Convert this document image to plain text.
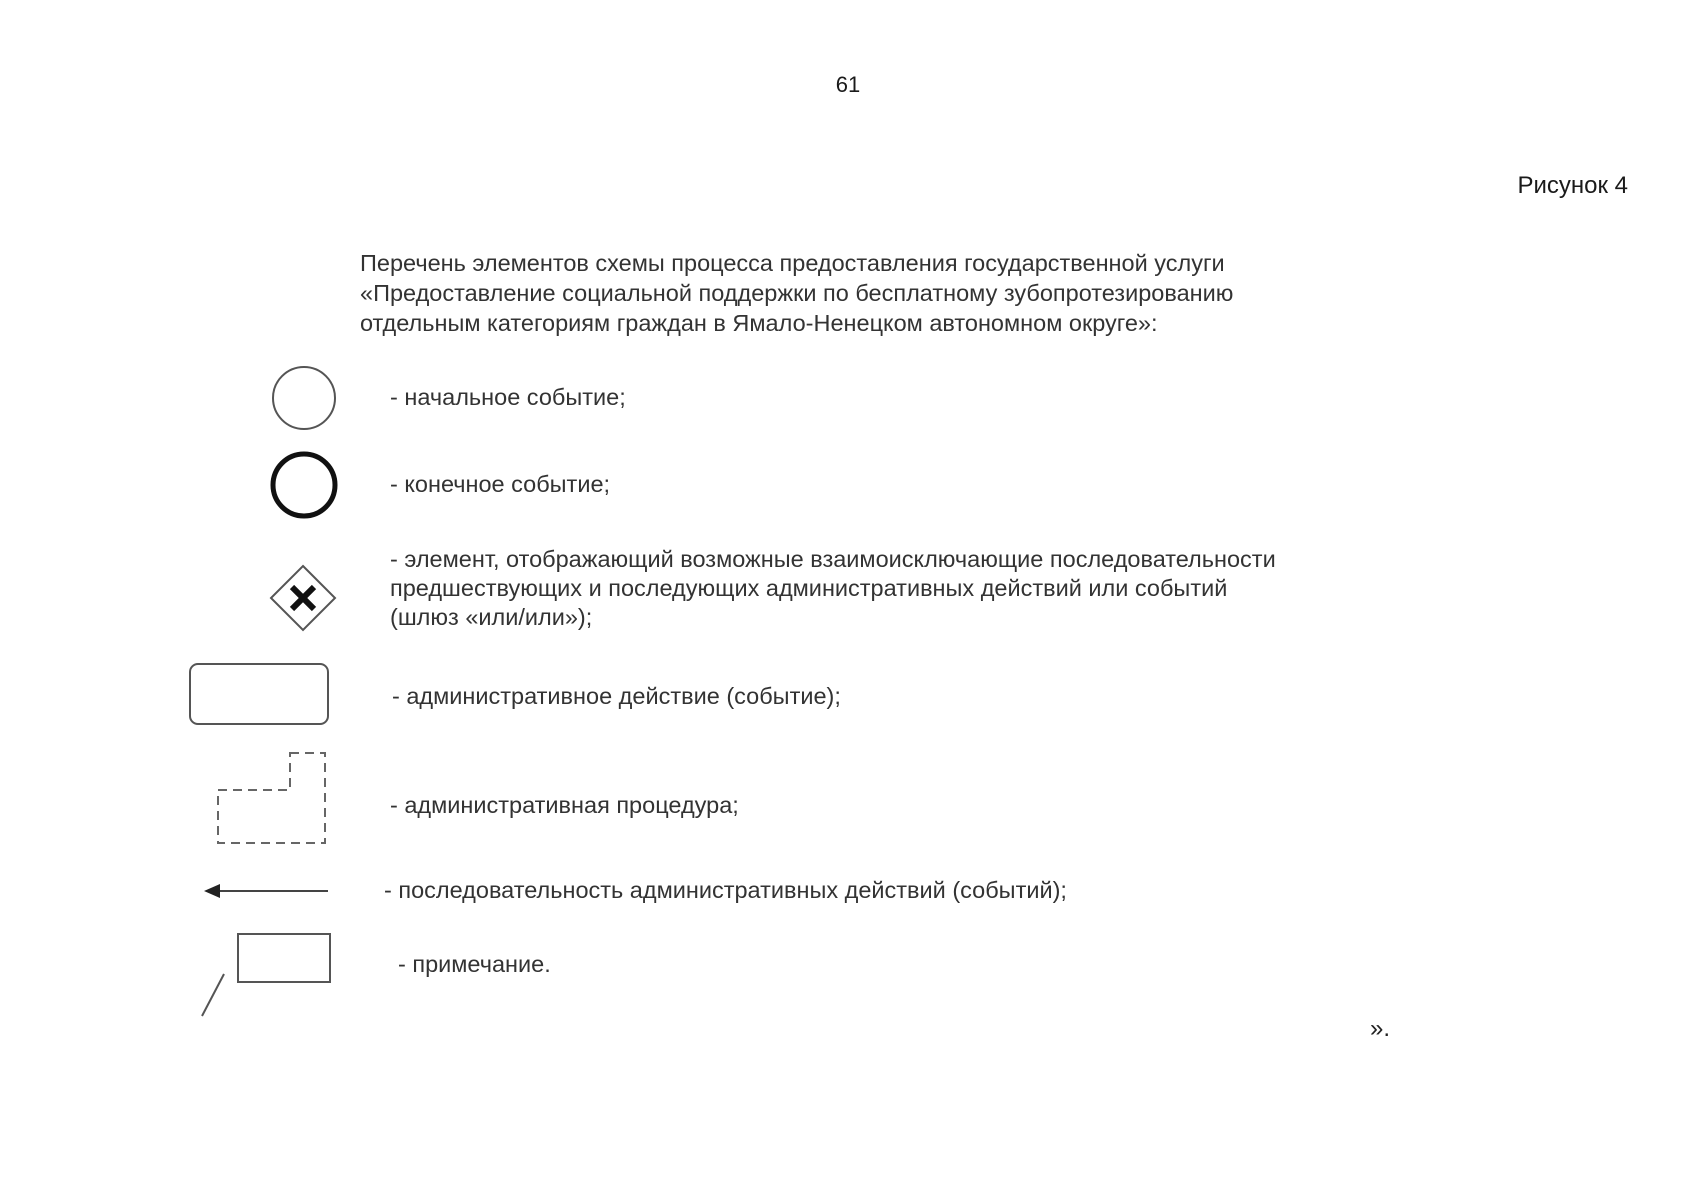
61
Рисунок 4
Перечень элементов схемы процесса предоставления государственной услуги
«Предоставление социальной поддержки по бесплатному зубопротезированию
отдельным категориям граждан в Ямало-Ненецком автономном округе»:
- начальное событие;
- конечное событие;
- элемент, отображающий возможные взаимоисключающие последовательности
предшествующих и последующих административных действий или событий
(шлюз «или/или»);
- административное действие (событие);
- административная процедура;
- последовательность административных действий (событий);
- примечание.
».
